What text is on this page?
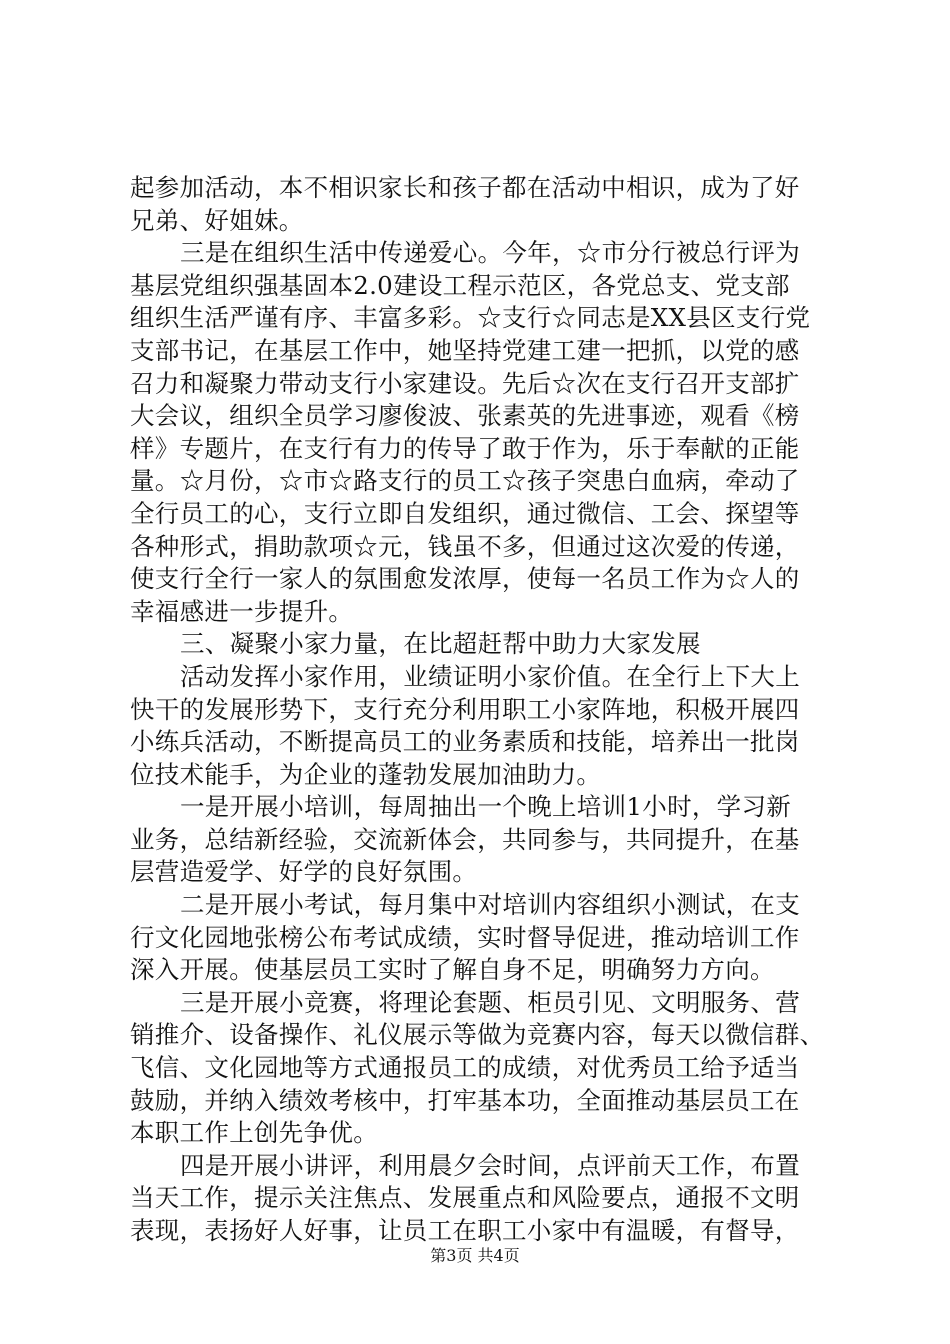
起参加活动，本不相识家长和孩子都在活动中相识，成为了好
兄弟、好姐妹。
三是在组织生活中传递爱心。今年，☆市分行被总行评为
基层党组织强基固本2.0建设工程示范区，各党总支、党支部
组织生活严谨有序、丰富多彩。☆支行☆同志是XX县区支行党
支部书记，在基层工作中，她坚持党建工建一把抓，以党的感
召力和凝聚力带动支行小家建设。先后☆次在支行召开支部扩
大会议，组织全员学习廖俊波、张素英的先进事迹，观看《榜
样》专题片，在支行有力的传导了敢于作为，乐于奉献的正能
量。☆月份，☆市☆路支行的员工☆孩子突患白血病，牵动了
全行员工的心，支行立即自发组织，通过微信、工会、探望等
各种形式，捐助款项☆元，钱虽不多，但通过这次爱的传递，
使支行全行一家人的氛围愈发浓厚，使每一名员工作为☆人的
幸福感进一步提升。
三、凝聚小家力量，在比超赶帮中助力大家发展
活动发挥小家作用，业绩证明小家价值。在全行上下大上
快干的发展形势下，支行充分利用职工小家阵地，积极开展四
小练兵活动，不断提高员工的业务素质和技能，培养出一批岗
位技术能手，为企业的蓬勃发展加油助力。
一是开展小培训，每周抽出一个晚上培训1小时，学习新
业务，总结新经验，交流新体会，共同参与，共同提升，在基
层营造爱学、好学的良好氛围。
二是开展小考试，每月集中对培训内容组织小测试，在支
行文化园地张榜公布考试成绩，实时督导促进，推动培训工作
深入开展。使基层员工实时了解自身不足，明确努力方向。
三是开展小竞赛，将理论套题、柜员引见、文明服务、营
销推介、设备操作、礼仪展示等做为竞赛内容，每天以微信群、
飞信、文化园地等方式通报员工的成绩，对优秀员工给予适当
鼓励，并纳入绩效考核中，打牢基本功，全面推动基层员工在
本职工作上创先争优。
四是开展小讲评，利用晨夕会时间，点评前天工作，布置
当天工作，提示关注焦点、发展重点和风险要点，通报不文明
表现，表扬好人好事，让员工在职工小家中有温暖，有督导，
第3页 共4页
